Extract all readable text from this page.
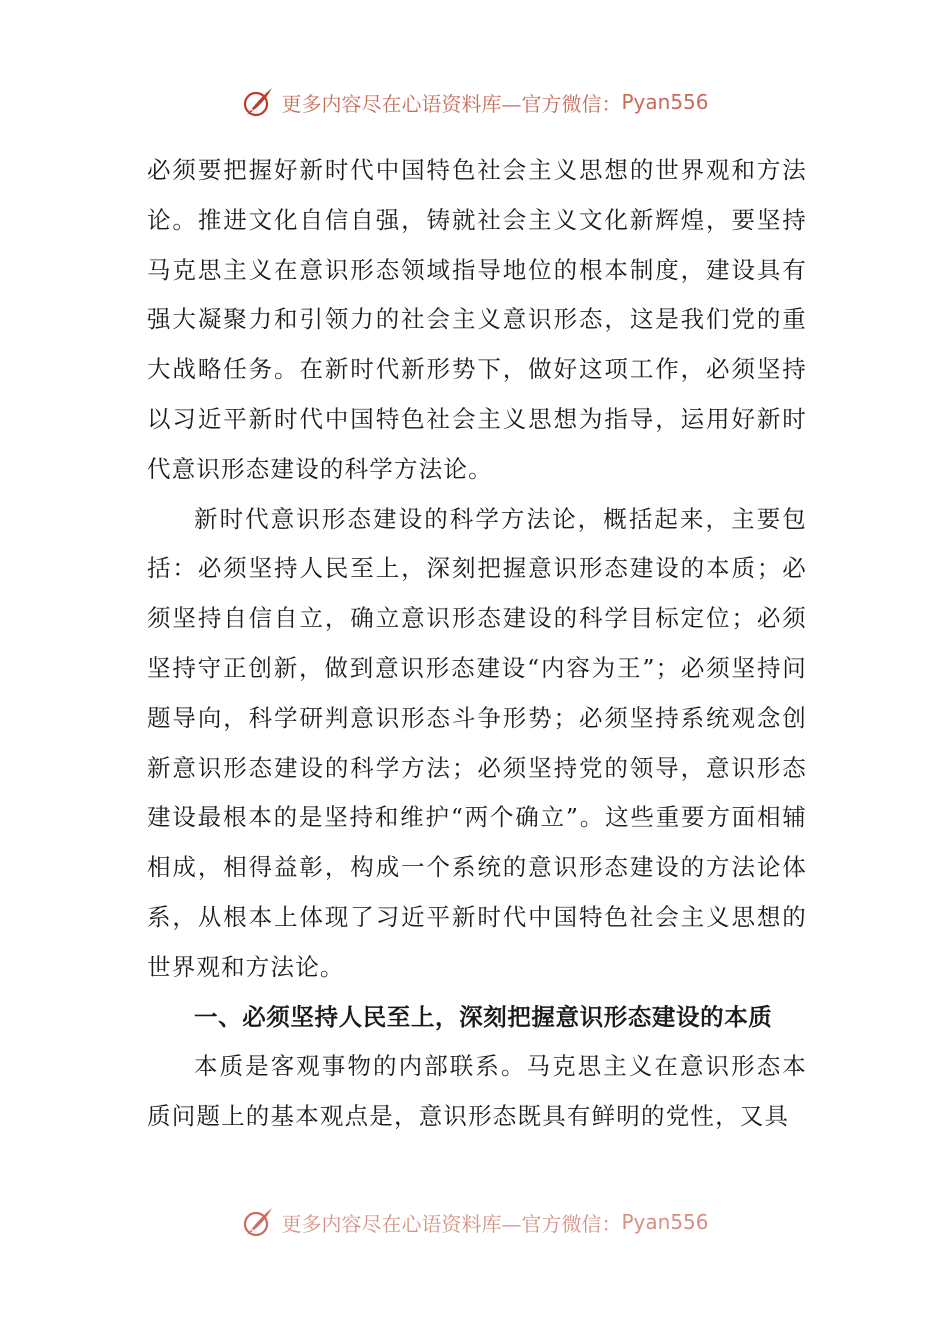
更多内容尽在心语资料库—官方微信： Pyan556

必须要把握好新时代中国特色社会主义思想的世界观和方法论。推进文化自信自强，铸就社会主义文化新辉煌，要坚持马克思主义在意识形态领域指导地位的根本制度，建设具有强大凝聚力和引领力的社会主义意识形态，这是我们党的重大战略任务。在新时代新形势下，做好这项工作，必须坚持以习近平新时代中国特色社会主义思想为指导，运用好新时代意识形态建设的科学方法论。

新时代意识形态建设的科学方法论，概括起来，主要包括：必须坚持人民至上，深刻把握意识形态建设的本质；必须坚持自信自立，确立意识形态建设的科学目标定位；必须坚持守正创新，做到意识形态建设“内容为王”；必须坚持问题导向，科学研判意识形态斗争形势；必须坚持系统观念创新意识形态建设的科学方法；必须坚持党的领导，意识形态建设最根本的是坚持和维护“两个确立”。这些重要方面相辅相成，相得益彰，构成一个系统的意识形态建设的方法论体系，从根本上体现了习近平新时代中国特色社会主义思想的世界观和方法论。

一、必须坚持人民至上，深刻把握意识形态建设的本质

本质是客观事物的内部联系。马克思主义在意识形态本质问题上的基本观点是，意识形态既具有鲜明的党性，又具

更多内容尽在心语资料库—官方微信： Pyan556
